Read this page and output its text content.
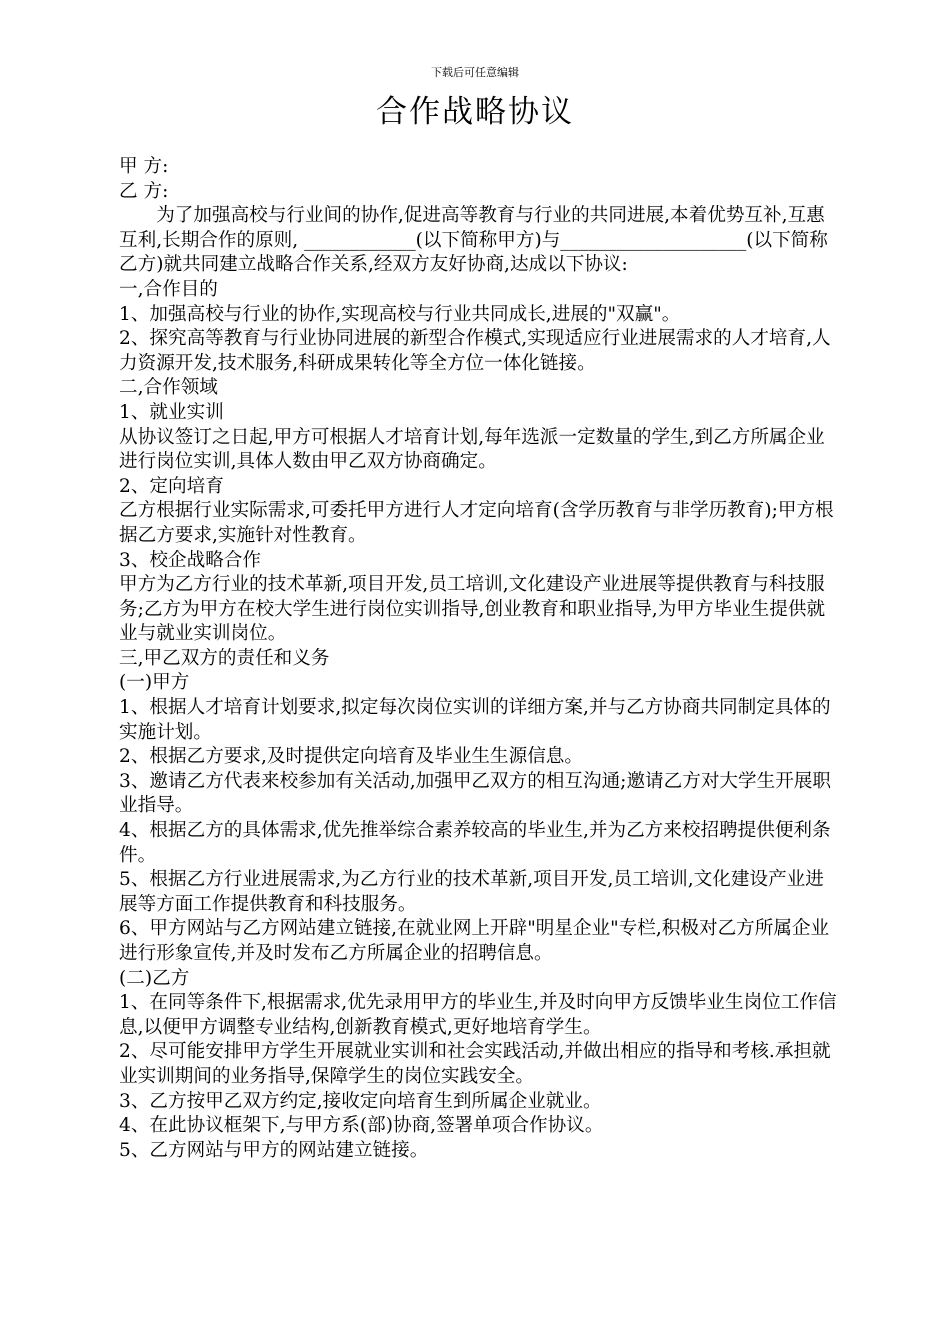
下载后可任意编辑
合作战略协议

甲 方:

乙 方:

为了加强高校与行业间的协作,促进高等教育与行业的共同进展,本着优势互补,互惠互利,长期合作的原则, ____________(以下简称甲方)与____________________(以下简称乙方)就共同建立战略合作关系,经双方友好协商,达成以下协议:

一,合作目的

1、加强高校与行业的协作,实现高校与行业共同成长,进展的"双赢"。

2、探究高等教育与行业协同进展的新型合作模式,实现适应行业进展需求的人才培育,人力资源开发,技术服务,科研成果转化等全方位一体化链接。

二,合作领域

1、就业实训

从协议签订之日起,甲方可根据人才培育计划,每年选派一定数量的学生,到乙方所属企业进行岗位实训,具体人数由甲乙双方协商确定。

2、定向培育

乙方根据行业实际需求,可委托甲方进行人才定向培育(含学历教育与非学历教育);甲方根据乙方要求,实施针对性教育。

3、校企战略合作

甲方为乙方行业的技术革新,项目开发,员工培训,文化建设产业进展等提供教育与科技服务;乙方为甲方在校大学生进行岗位实训指导,创业教育和职业指导,为甲方毕业生提供就业与就业实训岗位。

三,甲乙双方的责任和义务

(一)甲方

1、根据人才培育计划要求,拟定每次岗位实训的详细方案,并与乙方协商共同制定具体的实施计划。

2、根据乙方要求,及时提供定向培育及毕业生生源信息。

3、邀请乙方代表来校参加有关活动,加强甲乙双方的相互沟通;邀请乙方对大学生开展职业指导。

4、根据乙方的具体需求,优先推举综合素养较高的毕业生,并为乙方来校招聘提供便利条件。

5、根据乙方行业进展需求,为乙方行业的技术革新,项目开发,员工培训,文化建设产业进展等方面工作提供教育和科技服务。

6、甲方网站与乙方网站建立链接,在就业网上开辟"明星企业"专栏,积极对乙方所属企业进行形象宣传,并及时发布乙方所属企业的招聘信息。

(二)乙方

1、在同等条件下,根据需求,优先录用甲方的毕业生,并及时向甲方反馈毕业生岗位工作信息,以便甲方调整专业结构,创新教育模式,更好地培育学生。

2、尽可能安排甲方学生开展就业实训和社会实践活动,并做出相应的指导和考核.承担就业实训期间的业务指导,保障学生的岗位实践安全。

3、乙方按甲乙双方约定,接收定向培育生到所属企业就业。

4、在此协议框架下,与甲方系(部)协商,签署单项合作协议。

5、乙方网站与甲方的网站建立链接。
